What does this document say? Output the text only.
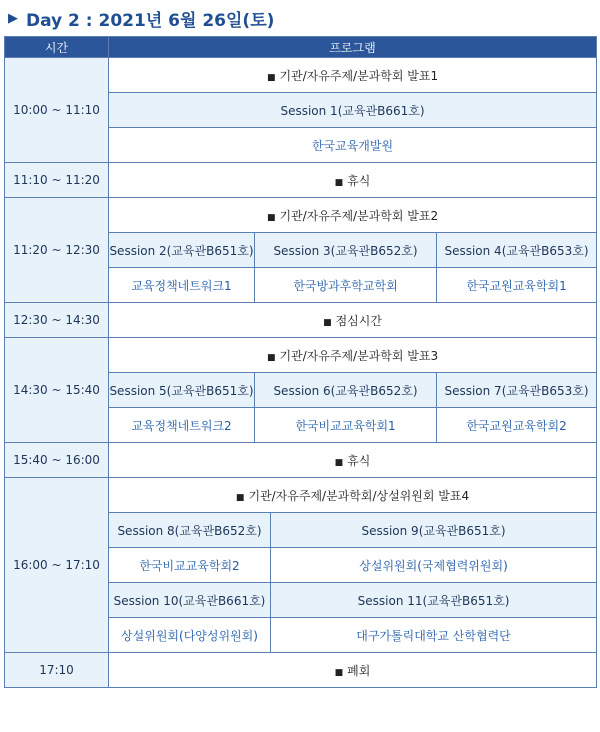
▶ Day 2 : 2021년 6월 26일(토)
시간	프로그램			
10:00 ~ 11:10	■ 기관/자유주제/분과학회 발표1			
	Session 1(교육관B661호)			
	한국교육개발원			
11:10 ~ 11:20	■ 휴식			
11:20 ~ 12:30	■ 기관/자유주제/분과학회 발표2			
	Session 2(교육관B651호)	Session 3(교육관B652호)		Session 4(교육관B653호)
	교육정책네트워크1	한국방과후학교학회		한국교원교육학회1
12:30 ~ 14:30	■ 점심시간			
14:30 ~ 15:40	■ 기관/자유주제/분과학회 발표3			
	Session 5(교육관B651호)	Session 6(교육관B652호)		Session 7(교육관B653호)
	교육정책네트워크2	한국비교교육학회1		한국교원교육학회2
15:40 ~ 16:00	■ 휴식			
16:00 ~ 17:10	■ 기관/자유주제/분과학회/상설위원회 발표4			
	Session 8(교육관B652호)		Session 9(교육관B651호)	
	한국비교교육학회2		상설위원회(국제협력위원회)	
	Session 10(교육관B661호)		Session 11(교육관B651호)	
	상설위원회(다양성위원회)		대구가톨릭대학교 산학협력단	
17:10	■ 폐회			
